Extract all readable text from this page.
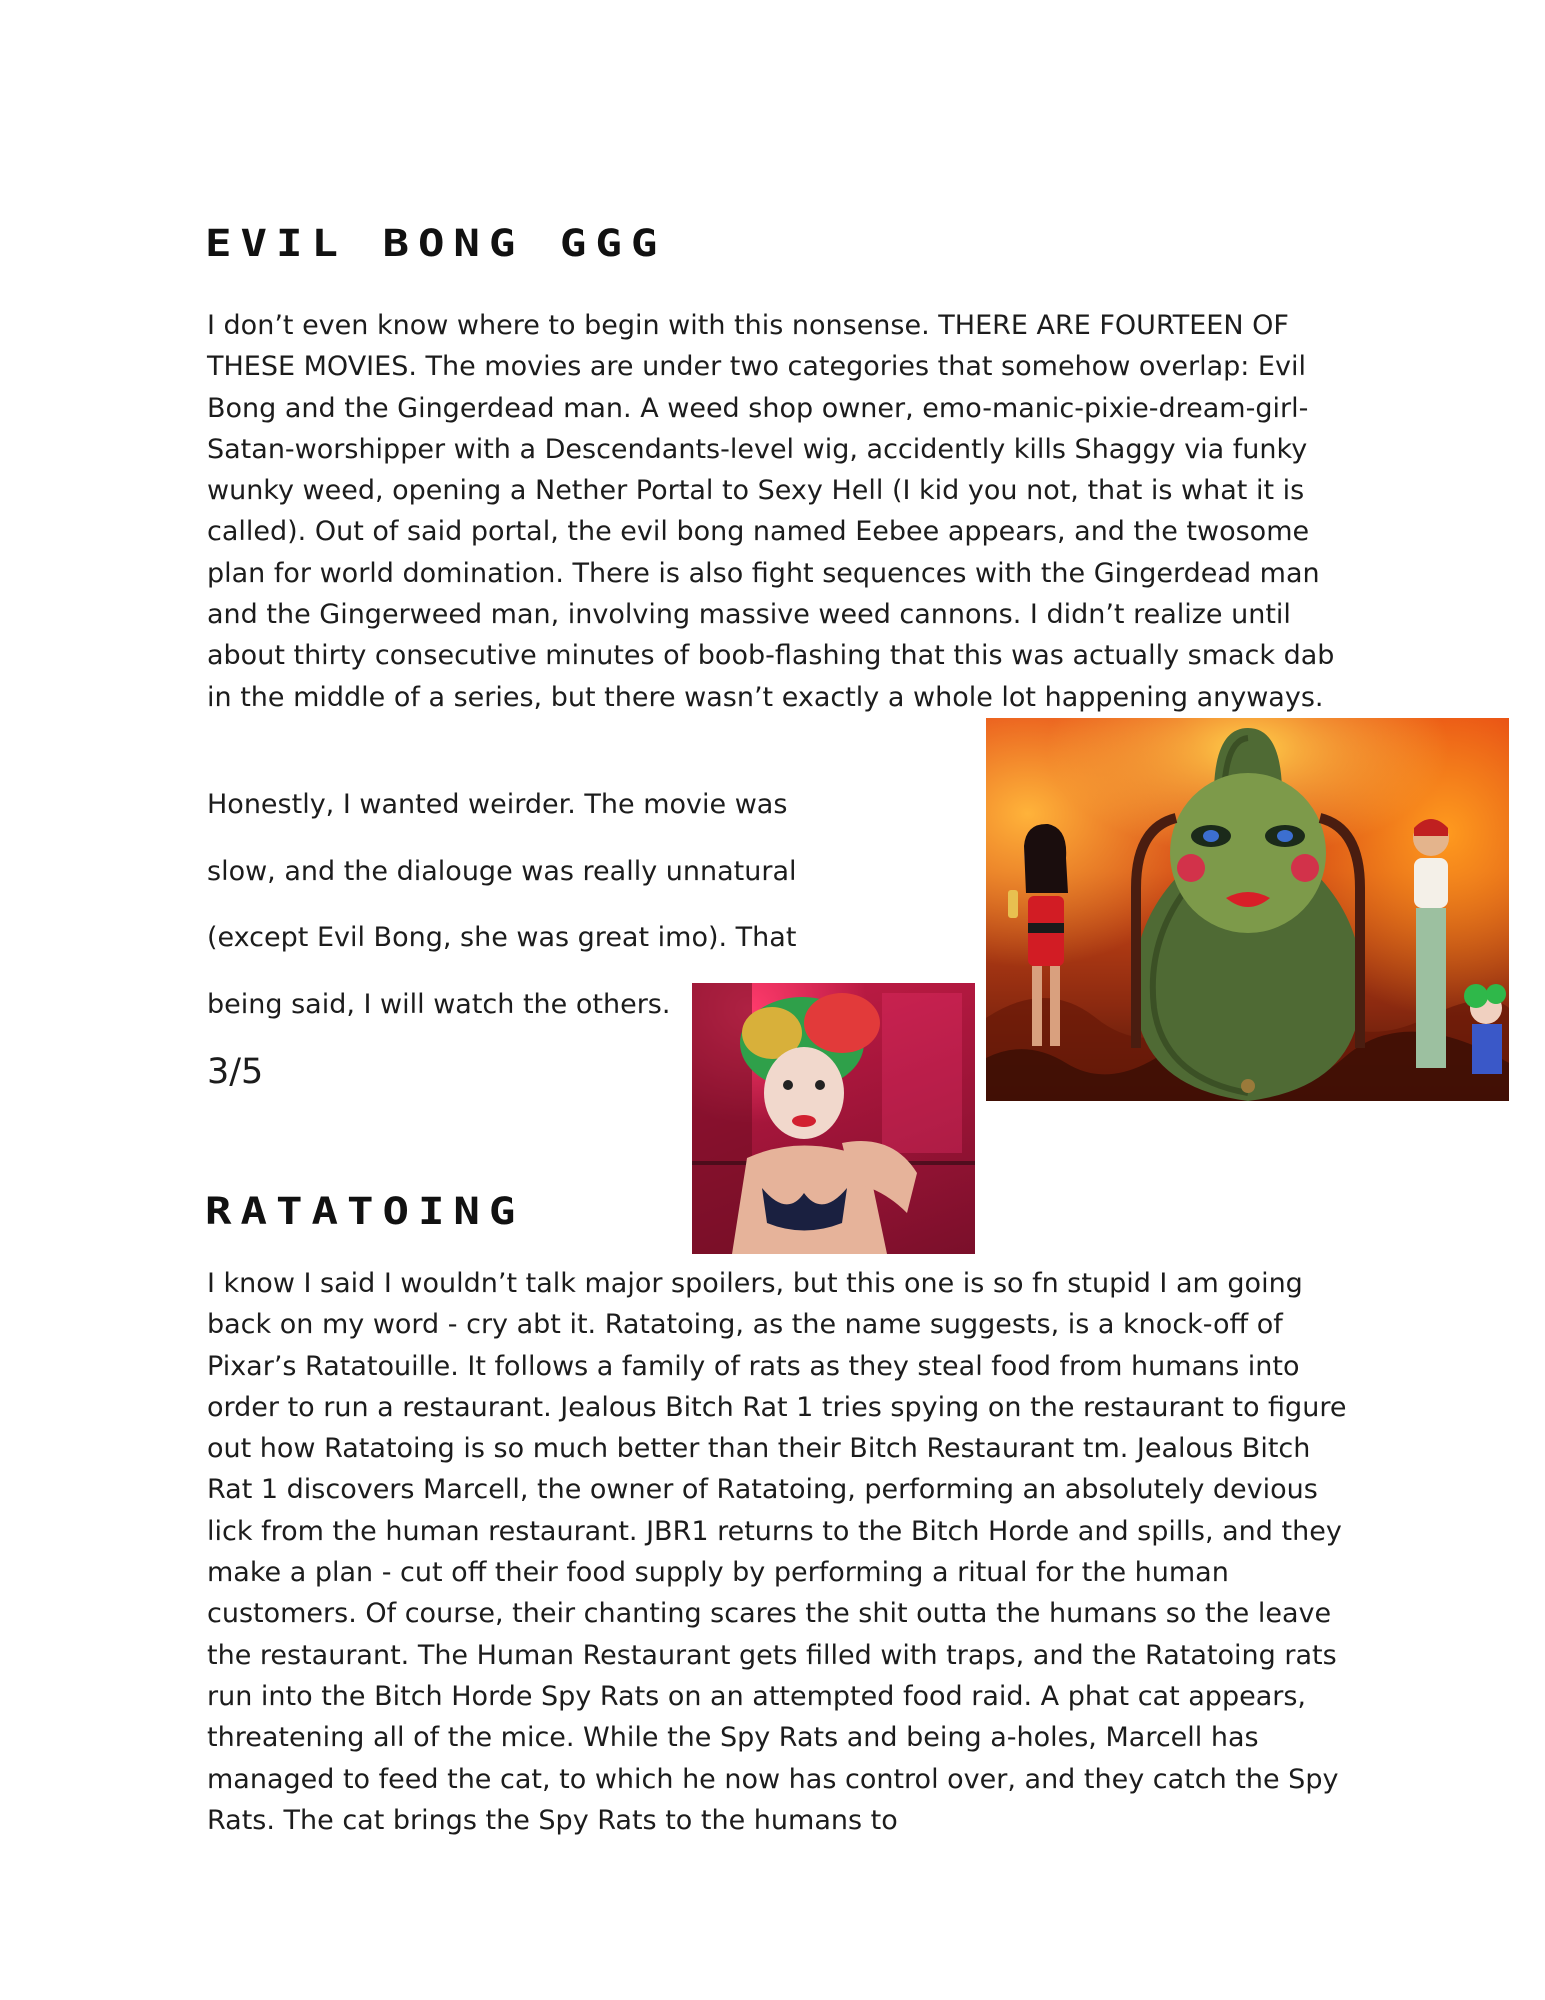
EVIL BONG GGG

I don’t even know where to begin with this nonsense. THERE ARE FOURTEEN OF THESE MOVIES. The movies are under two categories that somehow overlap: Evil Bong and the Gingerdead man. A weed shop owner, emo-manic-pixie-dream-girl-Satan-worshipper with a Descendants-level wig, accidently kills Shaggy via funky wunky weed, opening a Nether Portal to Sexy Hell (I kid you not, that is what it is called). Out of said portal, the evil bong named Eebee appears, and the twosome plan for world domination. There is also fight sequences with the Gingerdead man and the Gingerweed man, involving massive weed cannons. I didn’t realize until about thirty consecutive minutes of boob-flashing that this was actually smack dab in the middle of a series, but there wasn’t exactly a whole lot happening anyways.

Honestly, I wanted weirder. The movie was

slow, and the dialouge was really unnatural

(except Evil Bong, she was great imo). That

being said, I will watch the others.

3/5

RATATOING

I know I said I wouldn’t talk major spoilers, but this one is so fn stupid I am going back on my word - cry abt it. Ratatoing, as the name suggests, is a knock-off of Pixar’s Ratatouille. It follows a family of rats as they steal food from humans into order to run a restaurant. Jealous Bitch Rat 1 tries spying on the restaurant to figure out how Ratatoing is so much better than their Bitch Restaurant tm. Jealous Bitch Rat 1 discovers Marcell, the owner of Ratatoing, performing an absolutely devious lick from the human restaurant. JBR1 returns to the Bitch Horde and spills, and they make a plan - cut off their food supply by performing a ritual for the human customers. Of course, their chanting scares the shit outta the humans so the leave the restaurant. The Human Restaurant gets filled with traps, and the Ratatoing rats run into the Bitch Horde Spy Rats on an attempted food raid. A phat cat appears, threatening all of the mice. While the Spy Rats and being a-holes, Marcell has managed to feed the cat, to which he now has control over, and they catch the Spy Rats. The cat brings the Spy Rats to the humans to
